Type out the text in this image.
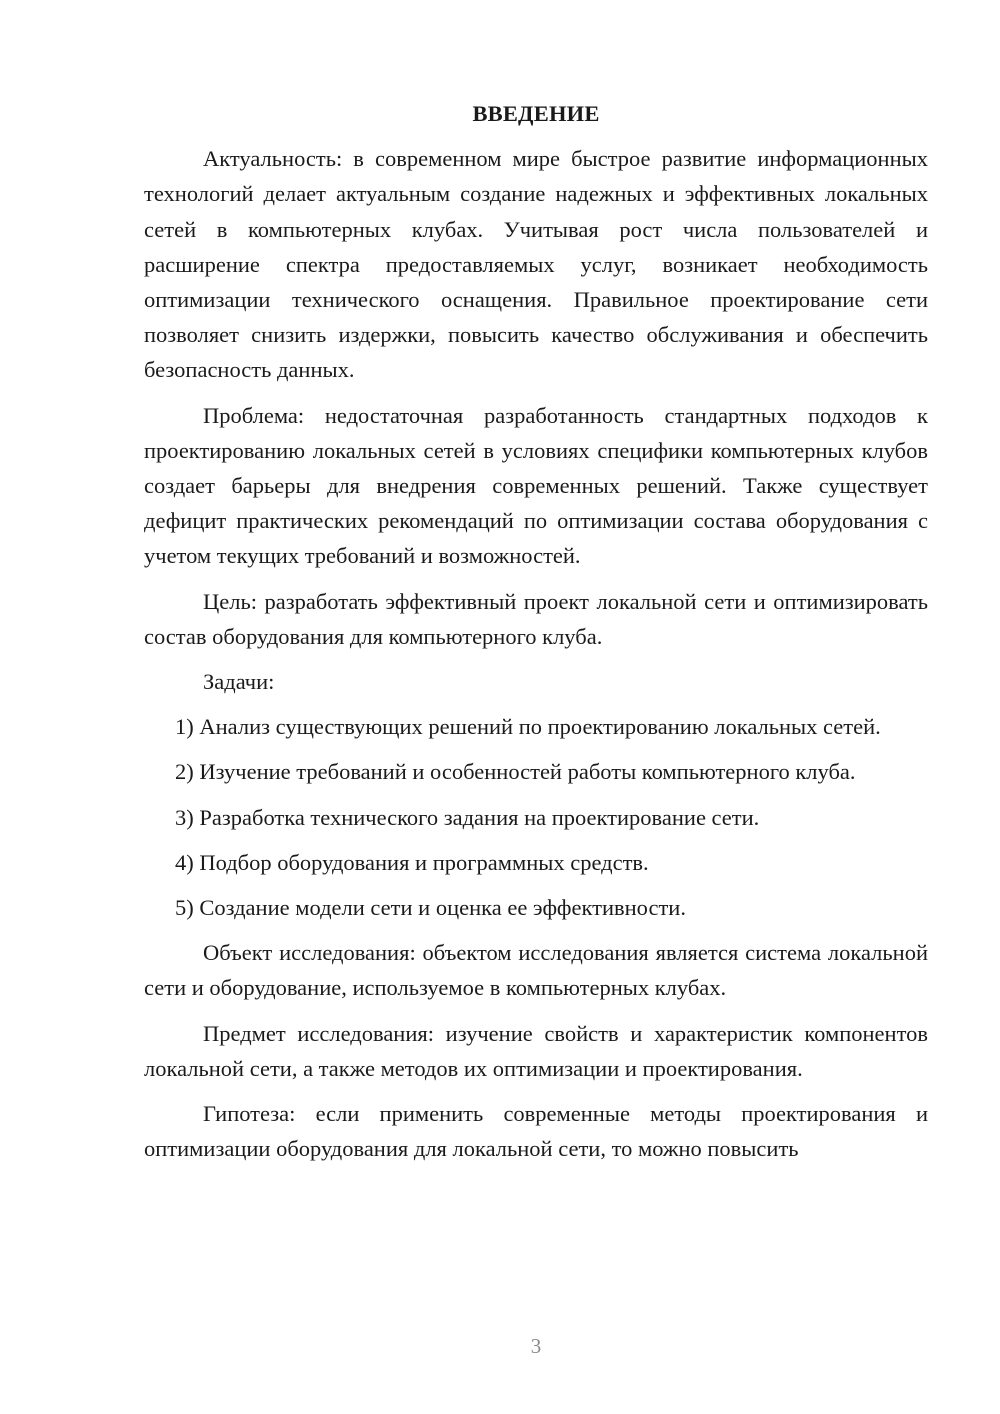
ВВЕДЕНИЕ

Актуальность: в современном мире быстрое развитие информационных технологий делает актуальным создание надежных и эффективных локальных сетей в компьютерных клубах. Учитывая рост числа пользователей и расширение спектра предоставляемых услуг, возникает необходимость оптимизации технического оснащения. Правильное проектирование сети позволяет снизить издержки, повысить качество обслуживания и обеспечить безопасность данных.

Проблема: недостаточная разработанность стандартных подходов к проектированию локальных сетей в условиях специфики компьютерных клубов создает барьеры для внедрения современных решений. Также существует дефицит практических рекомендаций по оптимизации состава оборудования с учетом текущих требований и возможностей.

Цель: разработать эффективный проект локальной сети и оптимизировать состав оборудования для компьютерного клуба.

Задачи:

1) Анализ существующих решений по проектированию локальных сетей.

2) Изучение требований и особенностей работы компьютерного клуба.

3) Разработка технического задания на проектирование сети.

4) Подбор оборудования и программных средств.

5) Создание модели сети и оценка ее эффективности.

Объект исследования: объектом исследования является система локальной сети и оборудование, используемое в компьютерных клубах.

Предмет исследования: изучение свойств и характеристик компонентов локальной сети, а также методов их оптимизации и проектирования.

Гипотеза: если применить современные методы проектирования и оптимизации оборудования для локальной сети, то можно повысить

3
